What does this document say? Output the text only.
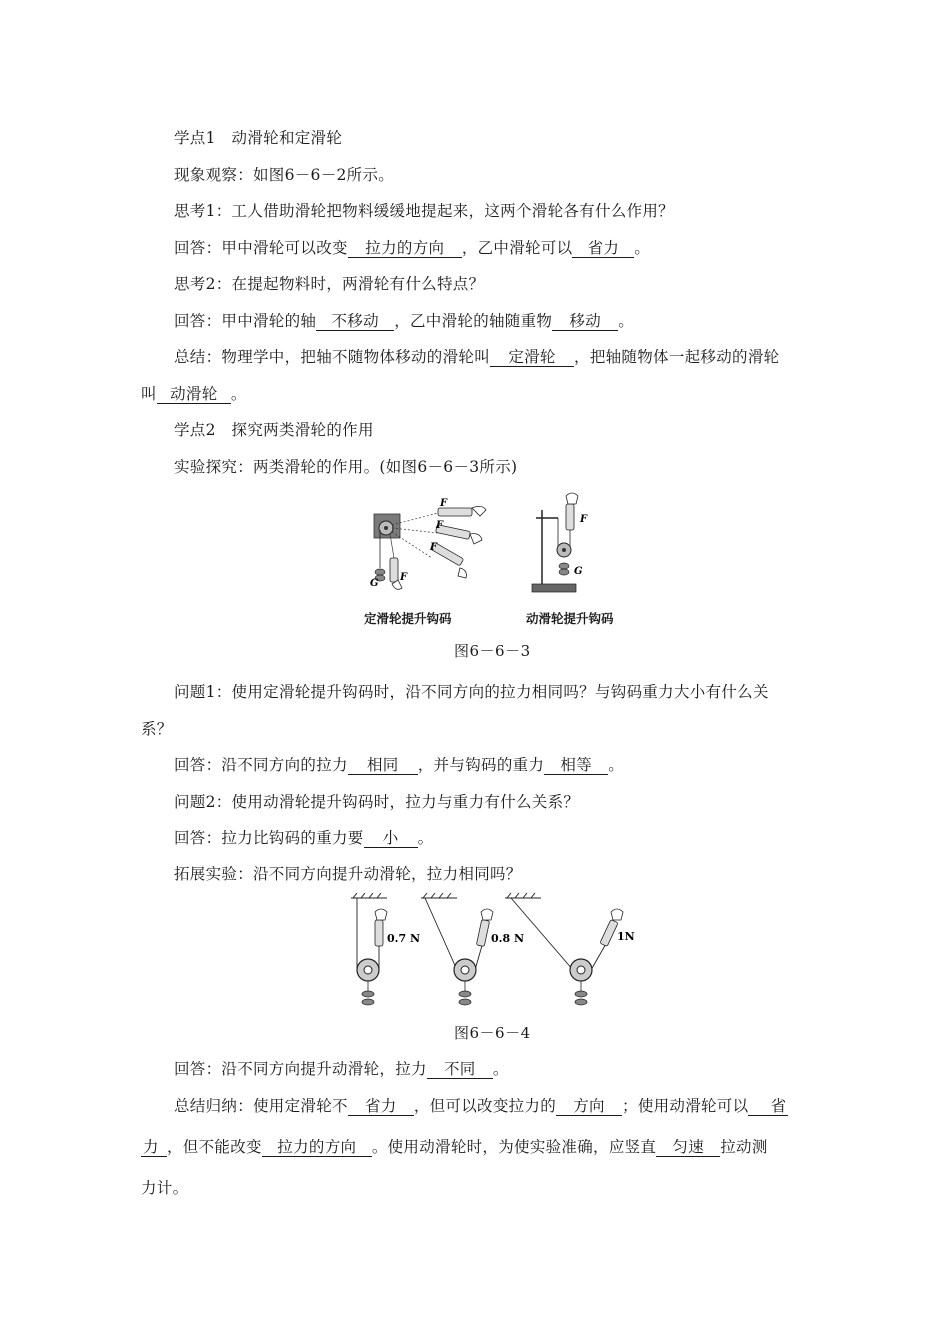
学点1　动滑轮和定滑轮
现象观察：如图6－6－2所示。
思考1：工人借助滑轮把物料缓缓地提起来，这两个滑轮各有什么作用？
回答：甲中滑轮可以改变 拉力的方向 ，乙中滑轮可以 省力 。
思考2：在提起物料时，两滑轮有什么特点？
回答：甲中滑轮的轴 不移动 ，乙中滑轮的轴随重物 移动 。
总结：物理学中，把轴不随物体移动的滑轮叫 定滑轮 ，把轴随物体一起移动的滑轮
叫 动滑轮 。
学点2　探究两类滑轮的作用
实验探究：两类滑轮的作用。(如图6－6－3所示)
F
F
F
F
G
F
G
定滑轮提升钩码	动滑轮提升钩码
图6－6－3
问题1：使用定滑轮提升钩码时，沿不同方向的拉力相同吗？与钩码重力大小有什么关
系？
回答：沿不同方向的拉力 相同 ，并与钩码的重力 相等 。
问题2：使用动滑轮提升钩码时，拉力与重力有什么关系？
回答：拉力比钩码的重力要 小 。
拓展实验：沿不同方向提升动滑轮，拉力相同吗？
0.7 N	0.8 N	1N
图6－6－4
回答：沿不同方向提升动滑轮，拉力 不同 。
总结归纳：使用定滑轮不 省力 ，但可以改变拉力的 方向 ；使用动滑轮可以 省
力 ，但不能改变 拉力的方向 。使用动滑轮时，为使实验准确，应竖直 匀速 拉动测
力计。
